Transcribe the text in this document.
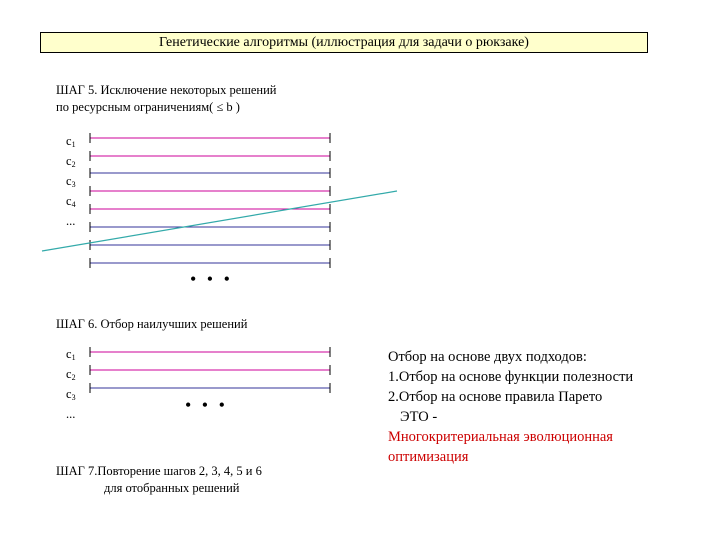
Генетические алгоритмы (иллюстрация для задачи о рюкзаке)
ШАГ 5. Исключение некоторых решений
по ресурсным ограничениям( ≤ b )
$c_1$
$c_2$
$c_3$
$c_4$
...
• • •
ШАГ 6. Отбор наилучших решений
$c_1$
$c_2$
$c_3$
...	• • •
ШАГ 7.Повторение шагов 2, 3, 4, 5 и 6
для отобранных решений
Отбор на основе двух подходов:
1.Отбор на основе функции полезности
2.Отбор на основе правила Парето
ЭТО -
Многокритериальная эволюционная
оптимизация
